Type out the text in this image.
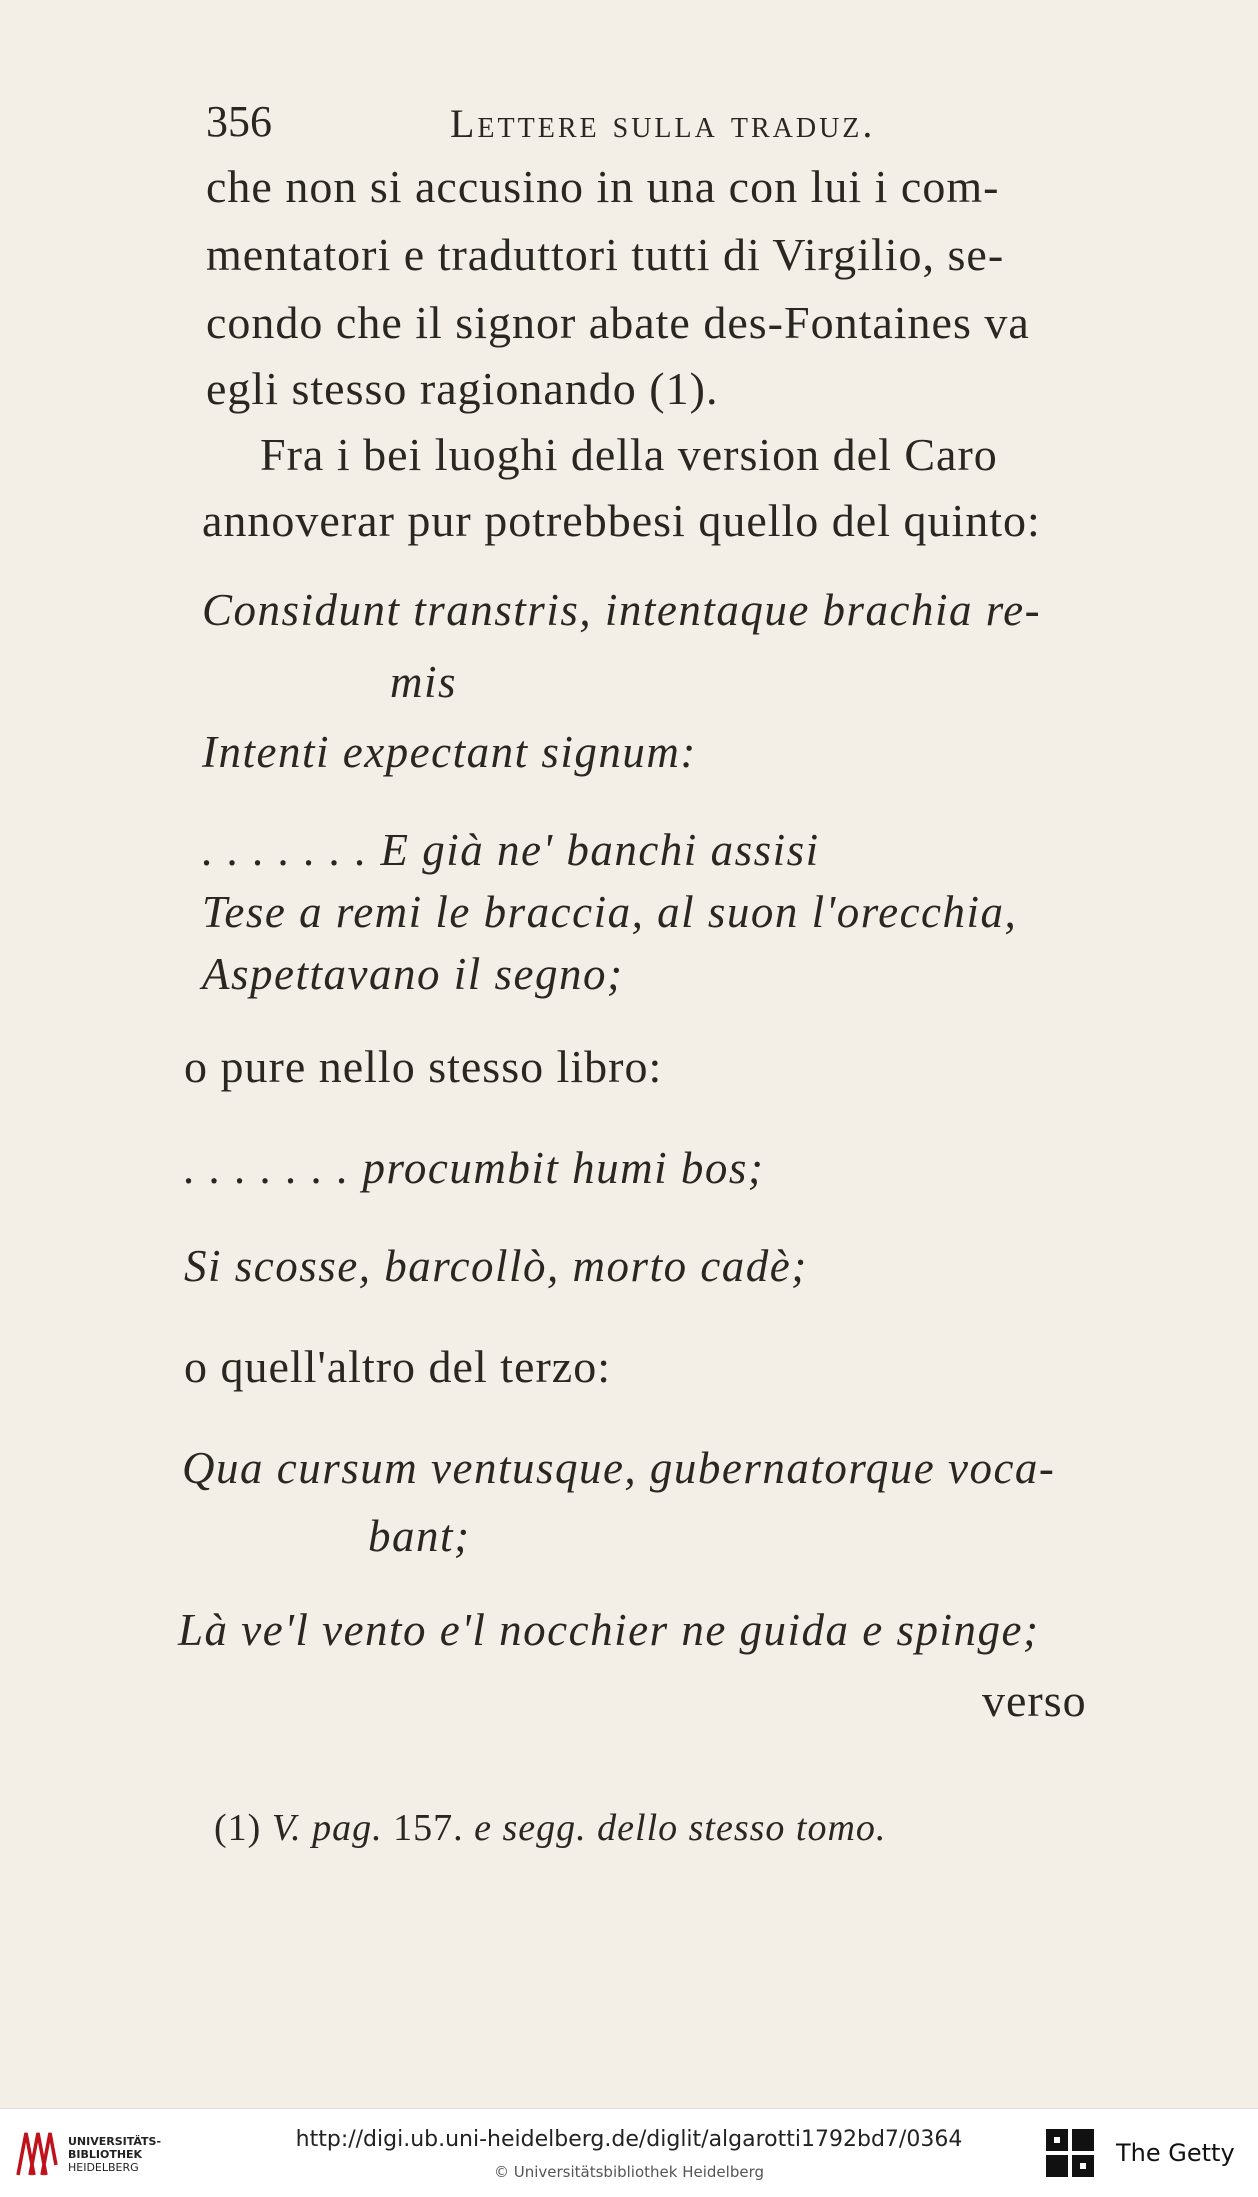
356	Lettere sulla traduz.
che non si accusino in una con lui i com-
mentatori e traduttori tutti di Virgilio, se-
condo che il signor abate des-Fontaines va
egli stesso ragionando (1).
Fra i bei luoghi della version del Caro
annoverar pur potrebbesi quello del quinto:
Considunt transtris, intentaque brachia re-
mis
Intenti expectant signum:
. . . . . . . E già ne' banchi assisi
Tese a remi le braccia, al suon l'orecchia,
Aspettavano il segno;
o pure nello stesso libro:
. . . . . . . procumbit humi bos;
Si scosse, barcollò, morto cadè;
o quell'altro del terzo:
Qua cursum ventusque, gubernatorque voca-
bant;
Là ve'l vento e'l nocchier ne guida e spinge;
verso
(1) V. pag. 157. e segg. dello stesso tomo.
UNIVERSITÄTS-
BIBLIOTHEK
HEIDELBERG
http://digi.ub.uni-heidelberg.de/diglit/algarotti1792bd7/0364
© Universitätsbibliothek Heidelberg
The Getty
